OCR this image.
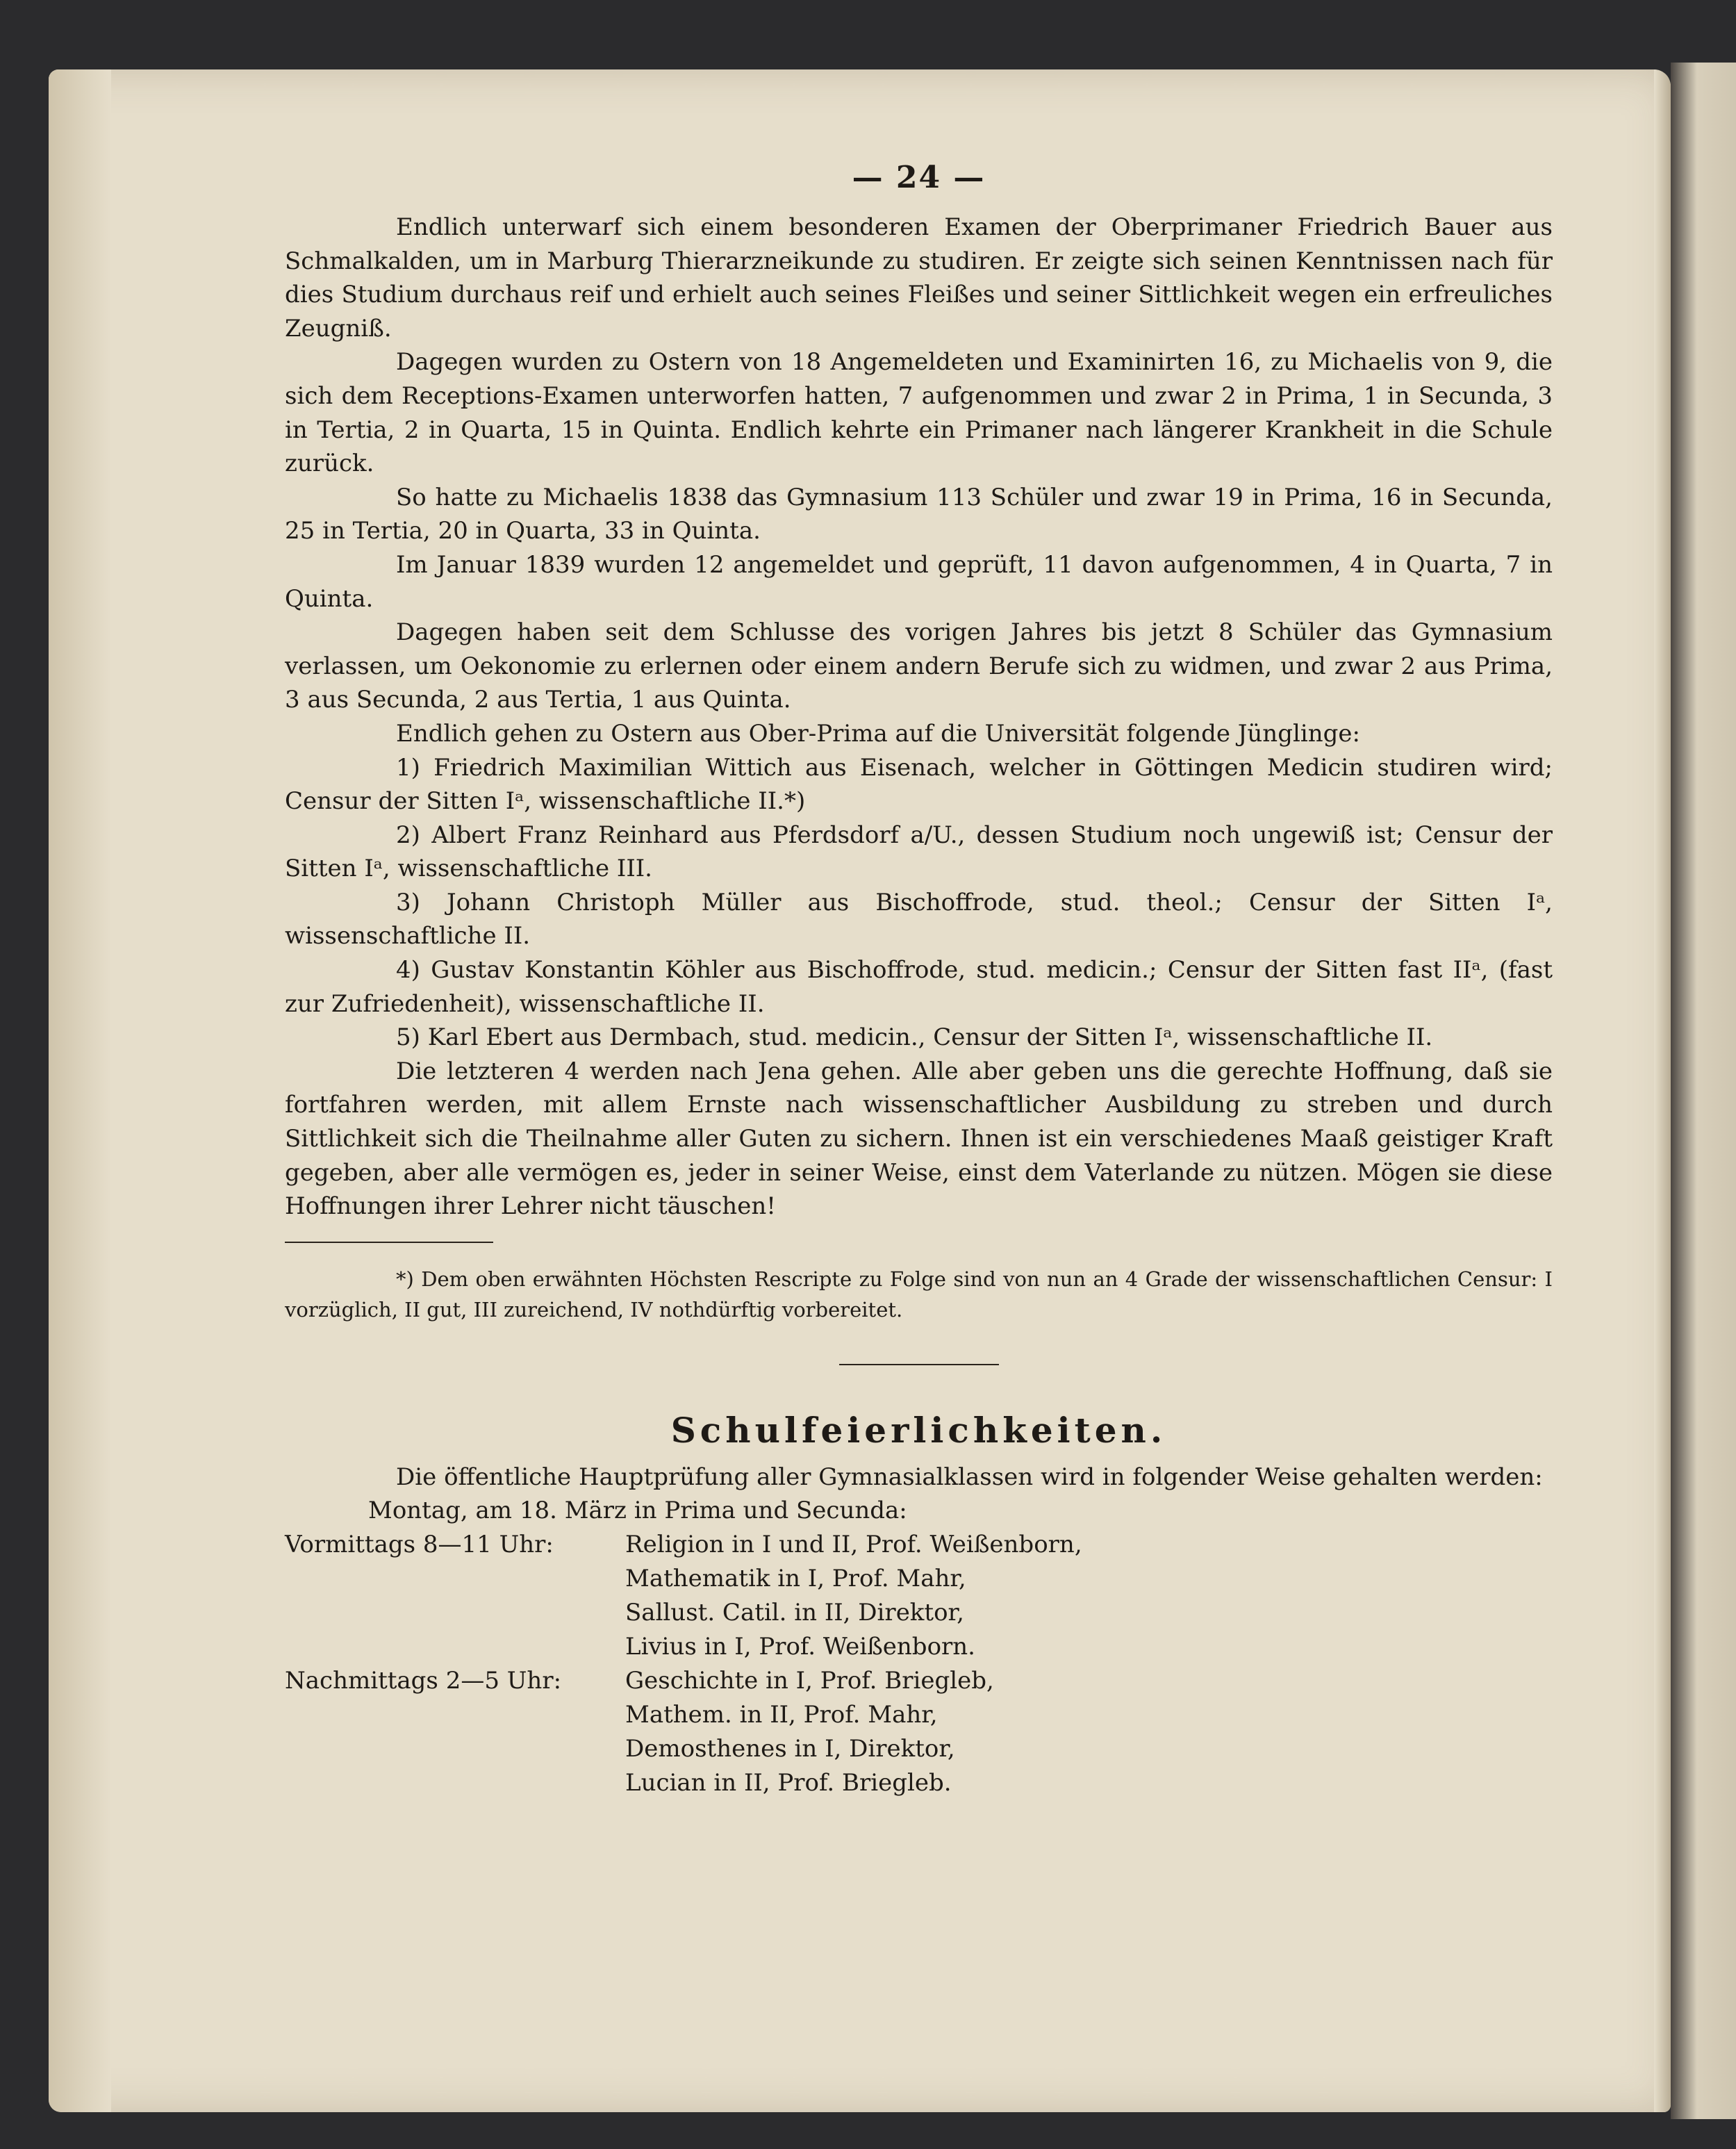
— 24 —

Endlich unterwarf sich einem besonderen Examen der Oberprimaner Friedrich Bauer aus Schmalkalden, um in Marburg Thierarzneikunde zu studiren. Er zeigte sich seinen Kenntnissen nach für dies Studium durchaus reif und erhielt auch seines Fleißes und seiner Sittlichkeit wegen ein erfreuliches Zeugniß.

Dagegen wurden zu Ostern von 18 Angemeldeten und Examinirten 16, zu Michaelis von 9, die sich dem Receptions-Examen unterworfen hatten, 7 aufgenommen und zwar 2 in Prima, 1 in Secunda, 3 in Tertia, 2 in Quarta, 15 in Quinta. Endlich kehrte ein Primaner nach längerer Krankheit in die Schule zurück.

So hatte zu Michaelis 1838 das Gymnasium 113 Schüler und zwar 19 in Prima, 16 in Secunda, 25 in Tertia, 20 in Quarta, 33 in Quinta.

Im Januar 1839 wurden 12 angemeldet und geprüft, 11 davon aufgenommen, 4 in Quarta, 7 in Quinta.

Dagegen haben seit dem Schlusse des vorigen Jahres bis jetzt 8 Schüler das Gymnasium verlassen, um Oekonomie zu erlernen oder einem andern Berufe sich zu widmen, und zwar 2 aus Prima, 3 aus Secunda, 2 aus Tertia, 1 aus Quinta.

Endlich gehen zu Ostern aus Ober-Prima auf die Universität folgende Jünglinge:

1) Friedrich Maximilian Wittich aus Eisenach, welcher in Göttingen Medicin studiren wird; Censur der Sitten Iᵃ, wissenschaftliche II.*)

2) Albert Franz Reinhard aus Pferdsdorf a/U., dessen Studium noch ungewiß ist; Censur der Sitten Iᵃ, wissenschaftliche III.

3) Johann Christoph Müller aus Bischoffrode, stud. theol.; Censur der Sitten Iᵃ, wissenschaftliche II.

4) Gustav Konstantin Köhler aus Bischoffrode, stud. medicin.; Censur der Sitten fast IIᵃ, (fast zur Zufriedenheit), wissenschaftliche II.

5) Karl Ebert aus Dermbach, stud. medicin., Censur der Sitten Iᵃ, wissenschaftliche II.

Die letzteren 4 werden nach Jena gehen. Alle aber geben uns die gerechte Hoffnung, daß sie fortfahren werden, mit allem Ernste nach wissenschaftlicher Ausbildung zu streben und durch Sittlichkeit sich die Theilnahme aller Guten zu sichern. Ihnen ist ein verschiedenes Maaß geistiger Kraft gegeben, aber alle vermögen es, jeder in seiner Weise, einst dem Vaterlande zu nützen. Mögen sie diese Hoffnungen ihrer Lehrer nicht täuschen!

*) Dem oben erwähnten Höchsten Rescripte zu Folge sind von nun an 4 Grade der wissenschaftlichen Censur: I vorzüglich, II gut, III zureichend, IV nothdürftig vorbereitet.

Schulfeierlichkeiten.

Die öffentliche Hauptprüfung aller Gymnasialklassen wird in folgender Weise gehalten werden:

Montag, am 18. März in Prima und Secunda:

Vormittags 8—11 Uhr:	Religion in I und II, Prof. Weißenborn,
Mathematik in I, Prof. Mahr,
Sallust. Catil. in II, Direktor,
Livius in I, Prof. Weißenborn.
Nachmittags 2—5 Uhr:	Geschichte in I, Prof. Briegleb,
Mathem. in II, Prof. Mahr,
Demosthenes in I, Direktor,
Lucian in II, Prof. Briegleb.
